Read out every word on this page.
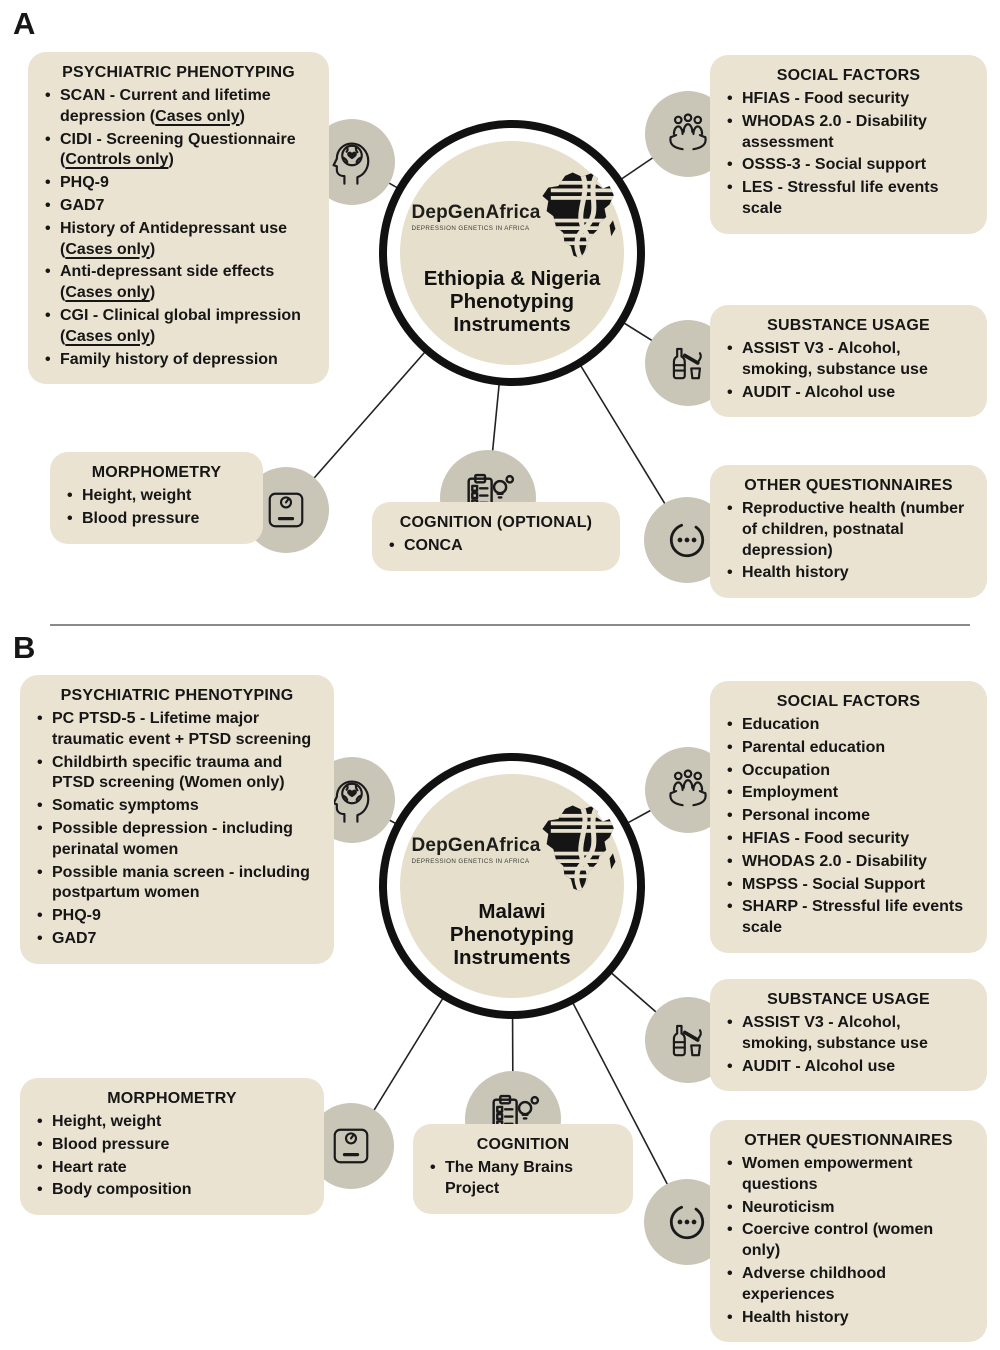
A
B
PSYCHIATRIC PHENOTYPING
• SCAN - Current and lifetime depression (Cases only)
• CIDI - Screening Questionnaire (Controls only)
• PHQ-9
• GAD7
• History of Antidepressant use (Cases only)
• Anti-depressant side effects (Cases only)
• CGI - Clinical global impression (Cases only)
• Family history of depression
SOCIAL FACTORS
• HFIAS - Food security
• WHODAS 2.0 - Disability assessment
• OSSS-3 - Social support
• LES - Stressful life events scale
SUBSTANCE USAGE
• ASSIST V3 - Alcohol, smoking, substance use
• AUDIT - Alcohol use
MORPHOMETRY
• Height, weight
• Blood pressure	COGNITION (OPTIONAL)
• CONCA
OTHER QUESTIONNAIRES
• Reproductive health (number of children, postnatal depression)
• Health history
DepGenAfrica
DEPRESSION GENETICS IN AFRICA
Ethiopia & Nigeria
Phenotyping
Instruments
PSYCHIATRIC PHENOTYPING
• PC PTSD-5 - Lifetime major traumatic event + PTSD screening
• Childbirth specific trauma and PTSD screening (Women only)
• Somatic symptoms
• Possible depression - including perinatal women
• Possible mania screen - including postpartum women
• PHQ-9
• GAD7
SOCIAL FACTORS
• Education
• Parental education
• Occupation
• Employment
• Personal income
• HFIAS - Food security
• WHODAS 2.0 - Disability
• MSPSS - Social Support
• SHARP - Stressful life events scale
SUBSTANCE USAGE
• ASSIST V3 - Alcohol, smoking, substance use
• AUDIT - Alcohol use
MORPHOMETRY
• Height, weight
• Blood pressure
• Heart rate
• Body composition
COGNITION
• The Many Brains Project
OTHER QUESTIONNAIRES
• Women empowerment questions
• Neuroticism
• Coercive control (women only)
• Adverse childhood experiences
• Health history
DepGenAfrica
DEPRESSION GENETICS IN AFRICA
Malawi
Phenotyping
Instruments
